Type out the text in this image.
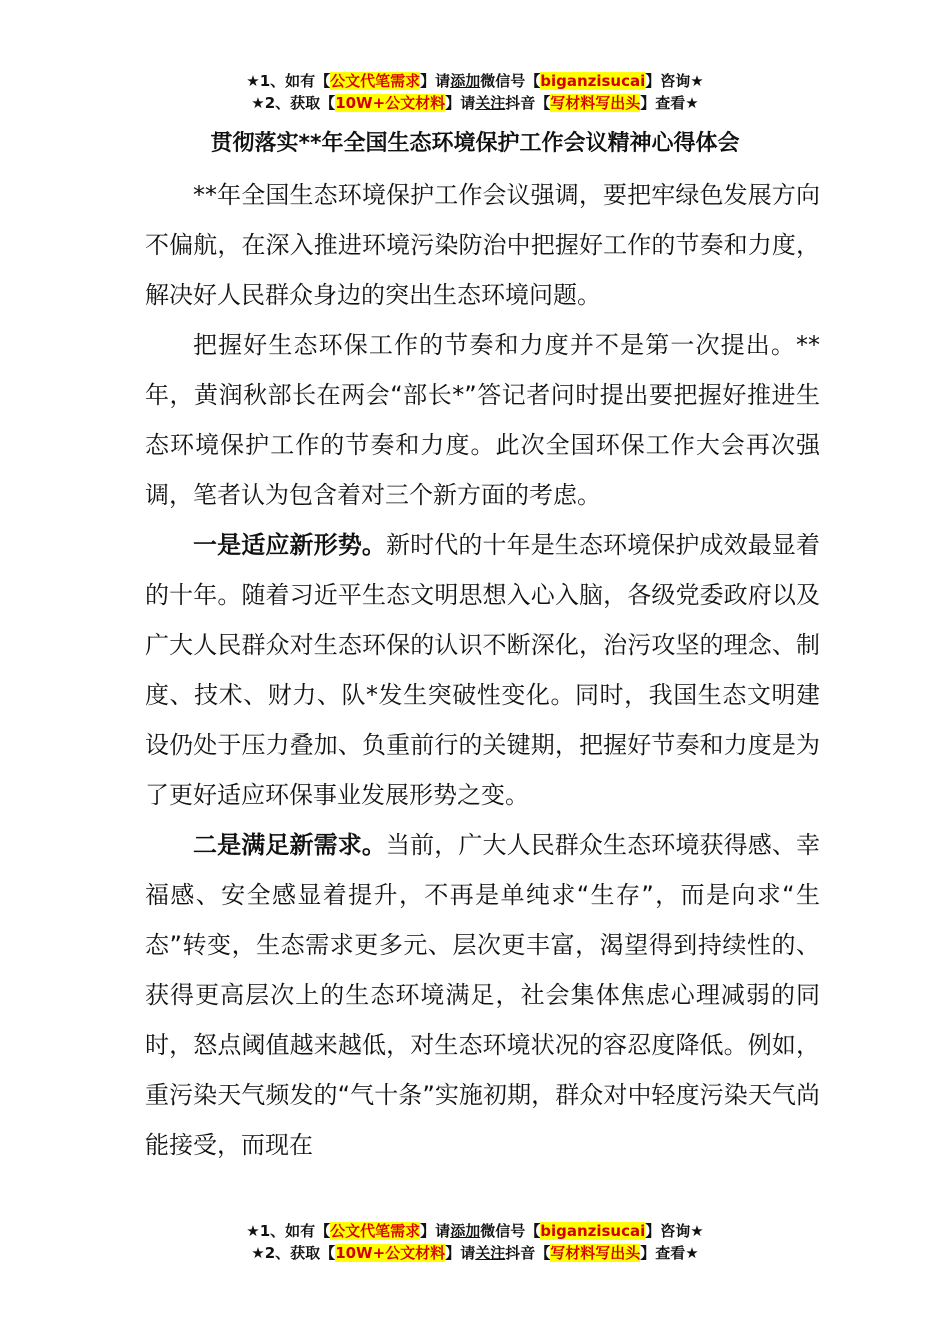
★1、如有【公文代笔需求】请添加微信号【biganzisucai】咨询★
★2、获取【10W+公文材料】请关注抖音【写材料写出头】查看★
贯彻落实**年全国生态环境保护工作会议精神心得体会

**年全国生态环境保护工作会议强调，要把牢绿色发展方向不偏航，在深入推进环境污染防治中把握好工作的节奏和力度，解决好人民群众身边的突出生态环境问题。

把握好生态环保工作的节奏和力度并不是第一次提出。**年，黄润秋部长在两会“部长*”答记者问时提出要把握好推进生态环境保护工作的节奏和力度。此次全国环保工作大会再次强调，笔者认为包含着对三个新方面的考虑。

一是适应新形势。新时代的十年是生态环境保护成效最显着的十年。随着习近平生态文明思想入心入脑，各级党委政府以及广大人民群众对生态环保的认识不断深化，治污攻坚的理念、制度、技术、财力、队*发生突破性变化。同时，我国生态文明建设仍处于压力叠加、负重前行的关键期，把握好节奏和力度是为了更好适应环保事业发展形势之变。

二是满足新需求。当前，广大人民群众生态环境获得感、幸福感、安全感显着提升，不再是单纯求“生存”，而是向求“生态”转变，生态需求更多元、层次更丰富，渴望得到持续性的、获得更高层次上的生态环境满足，社会集体焦虑心理减弱的同时，怒点阈值越来越低，对生态环境状况的容忍度降低。例如，重污染天气频发的“气十条”实施初期，群众对中轻度污染天气尚能接受，而现在

★1、如有【公文代笔需求】请添加微信号【biganzisucai】咨询★
★2、获取【10W+公文材料】请关注抖音【写材料写出头】查看★
